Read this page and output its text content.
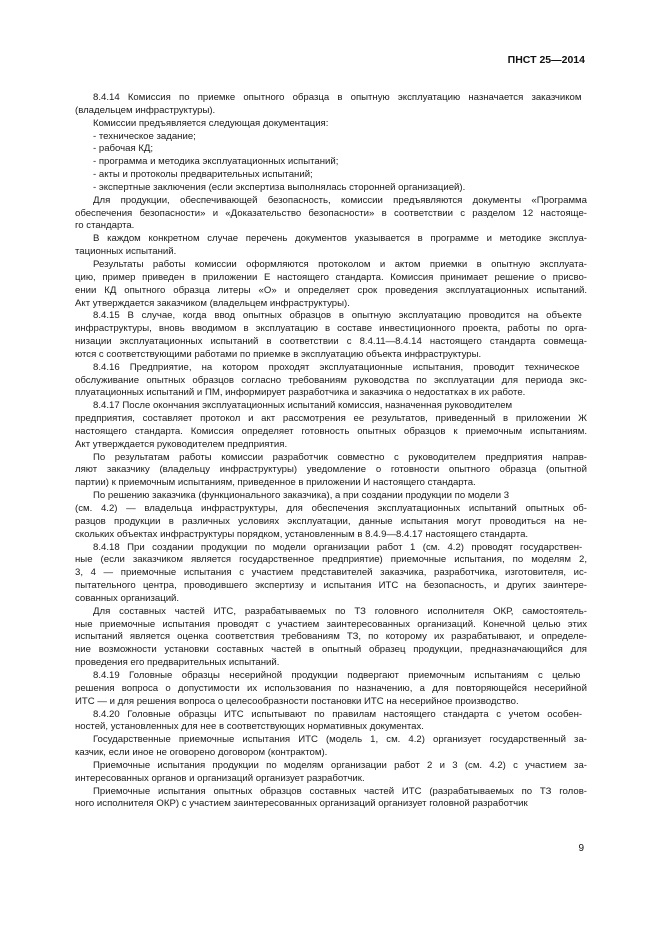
ПНСТ 25—2014
8.4.14 Комиссия по приемке опытного образца в опытную эксплуатацию назначается заказчиком
(владельцем инфраструктуры).
Комиссии предъявляется следующая документация:
- техническое задание;
- рабочая КД;
- программа и методика эксплуатационных испытаний;
- акты и протоколы предварительных испытаний;
- экспертные заключения (если экспертиза выполнялась сторонней организацией).
Для продукции, обеспечивающей безопасность, комиссии предъявляются документы «Программа
обеспечения безопасности» и «Доказательство безопасности» в соответствии с разделом 12 настояще-
го стандарта.
В каждом конкретном случае перечень документов указывается в программе и методике эксплуа-
тационных испытаний.
Результаты работы комиссии оформляются протоколом и актом приемки в опытную эксплуата-
цию, пример приведен в приложении Е настоящего стандарта. Комиссия принимает решение о присво-
ении КД опытного образца литеры «О» и определяет срок проведения эксплуатационных испытаний.
Акт утверждается заказчиком (владельцем инфраструктуры).
8.4.15 В случае, когда ввод опытных образцов в опытную эксплуатацию проводится на объекте
инфраструктуры, вновь вводимом в эксплуатацию в составе инвестиционного проекта, работы по орга-
низации эксплуатационных испытаний в соответствии с 8.4.11—8.4.14 настоящего стандарта совмеща-
ются с соответствующими работами по приемке в эксплуатацию объекта инфраструктуры.
8.4.16 Предприятие, на котором проходят эксплуатационные испытания, проводит техническое
обслуживание опытных образцов согласно требованиям руководства по эксплуатации для периода экс-
плуатационных испытаний и ПМ, информирует разработчика и заказчика о недостатках в их работе.
8.4.17 После окончания эксплуатационных испытаний комиссия, назначенная руководителем
предприятия, составляет протокол и акт рассмотрения ее результатов, приведенный в приложении Ж
настоящего стандарта. Комиссия определяет готовность опытных образцов к приемочным испытаниям.
Акт утверждается руководителем предприятия.
По результатам работы комиссии разработчик совместно с руководителем предприятия направ-
ляют заказчику (владельцу инфраструктуры) уведомление о готовности опытного образца (опытной
партии) к приемочным испытаниям, приведенное в приложении И настоящего стандарта.
По решению заказчика (функционального заказчика), а при создании продукции по модели 3
(см. 4.2) — владельца инфраструктуры, для обеспечения эксплуатационных испытаний опытных об-
разцов продукции в различных условиях эксплуатации, данные испытания могут проводиться на не-
скольких объектах инфраструктуры порядком, установленным в 8.4.9—8.4.17 настоящего стандарта.
8.4.18 При создании продукции по модели организации работ 1 (см. 4.2) проводят государствен-
ные (если заказчиком является государственное предприятие) приемочные испытания, по моделям 2,
3, 4 — приемочные испытания с участием представителей заказчика, разработчика, изготовителя, ис-
пытательного центра, проводившего экспертизу и испытания ИТС на безопасность, и других заинтере-
сованных организаций.
Для составных частей ИТС, разрабатываемых по ТЗ головного исполнителя ОКР, самостоятель-
ные приемочные испытания проводят с участием заинтересованных организаций. Конечной целью этих
испытаний является оценка соответствия требованиям ТЗ, по которому их разрабатывают, и определе-
ние возможности установки составных частей в опытный образец продукции, предназначающийся для
проведения его предварительных испытаний.
8.4.19 Головные образцы несерийной продукции подвергают приемочным испытаниям с целью
решения вопроса о допустимости их использования по назначению, а для повторяющейся несерийной
ИТС — и для решения вопроса о целесообразности постановки ИТС на несерийное производство.
8.4.20 Головные образцы ИТС испытывают по правилам настоящего стандарта с учетом особен-
ностей, установленных для нее в соответствующих нормативных документах.
Государственные приемочные испытания ИТС (модель 1, см. 4.2) организует государственный за-
казчик, если иное не оговорено договором (контрактом).
Приемочные испытания продукции по моделям организации работ 2 и 3 (см. 4.2) с участием за-
интересованных органов и организаций организует разработчик.
Приемочные испытания опытных образцов составных частей ИТС (разрабатываемых по ТЗ голов-
ного исполнителя ОКР) с участием заинтересованных организаций организует головной разработчик
9
